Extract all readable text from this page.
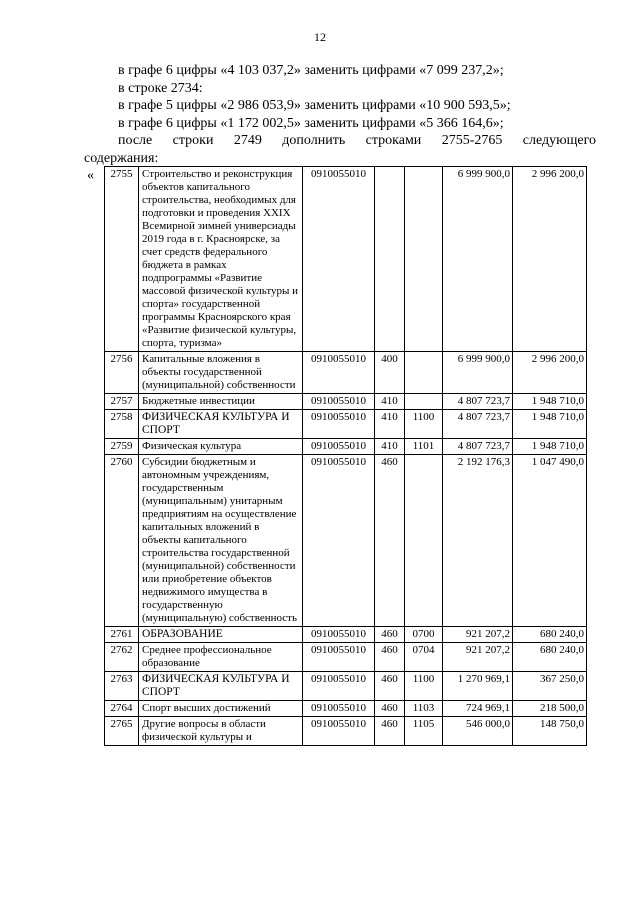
12
в графе 6 цифры «4 103 037,2» заменить цифрами «7 099 237,2»;
в строке 2734:
в графе 5 цифры «2 986 053,9» заменить цифрами «10 900 593,5»;
в графе 6 цифры «1 172 002,5» заменить цифрами «5 366 164,6»;
после строки 2749 дополнить строками 2755-2765 следующего
содержания:
« 2755	Строительство и реконструкция объектов капитального строительства, необходимых для подготовки и проведения XXIX Всемирной зимней универсиады 2019 года в г. Красноярске, за счет средств федерального бюджета в рамках подпрограммы «Развитие массовой физической культуры и спорта» государственной программы Красноярского края «Развитие физической культуры, спорта, туризма»	0910055010			6 999 900,0	2 996 200,0
2756	Капитальные вложения в объекты государственной (муниципальной) собственности	0910055010	400		6 999 900,0	2 996 200,0
2757	Бюджетные инвестиции	0910055010	410		4 807 723,7	1 948 710,0
2758	ФИЗИЧЕСКАЯ КУЛЬТУРА И СПОРТ	0910055010	410	1100	4 807 723,7	1 948 710,0
2759	Физическая культура	0910055010	410	1101	4 807 723,7	1 948 710,0
2760	Субсидии бюджетным и автономным учреждениям, государственным (муниципальным) унитарным предприятиям на осуществление капитальных вложений в объекты капитального строительства государственной (муниципальной) собственности или приобретение объектов недвижимого имущества в государственную (муниципальную) собственность	0910055010	460		2 192 176,3	1 047 490,0
2761	ОБРАЗОВАНИЕ	0910055010	460	0700	921 207,2	680 240,0
2762	Среднее профессиональное образование	0910055010	460	0704	921 207,2	680 240,0
2763	ФИЗИЧЕСКАЯ КУЛЬТУРА И СПОРТ	0910055010	460	1100	1 270 969,1	367 250,0
2764	Спорт высших достижений	0910055010	460	1103	724 969,1	218 500,0
2765	Другие вопросы в области физической культуры и	0910055010	460	1105	546 000,0	148 750,0
